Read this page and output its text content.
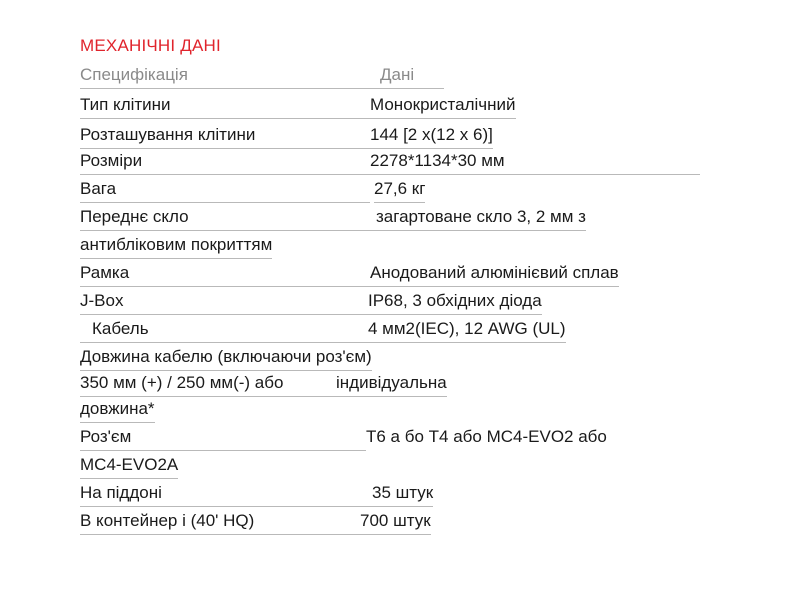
МЕХАНІЧНІ ДАНІ
Специфікація	Дані
Тип клітини	Монокристалічний
Розташування клітини	144 [2 x(12 x 6)]
Розміри	2278*1134*30 мм
Вага	27,6 кг
Переднє скло	загартоване скло 3, 2 мм з
антибліковим покриттям
Рамка	Анодований алюмінієвий сплав
J-Box	IP68, 3 обхідних діода
Кабель	4 мм2(IEC), 12 AWG (UL)
Довжина кабелю (включаючи роз'єм)
350 мм (+) / 250 мм(-) або	індивідуальна
довжина*
Роз'єм	Т6 а бо Т4 або МС4-EVO2 або
МС4-EVO2A
На піддоні	35 штук
В контейнер і (40' HQ)	700 штук
